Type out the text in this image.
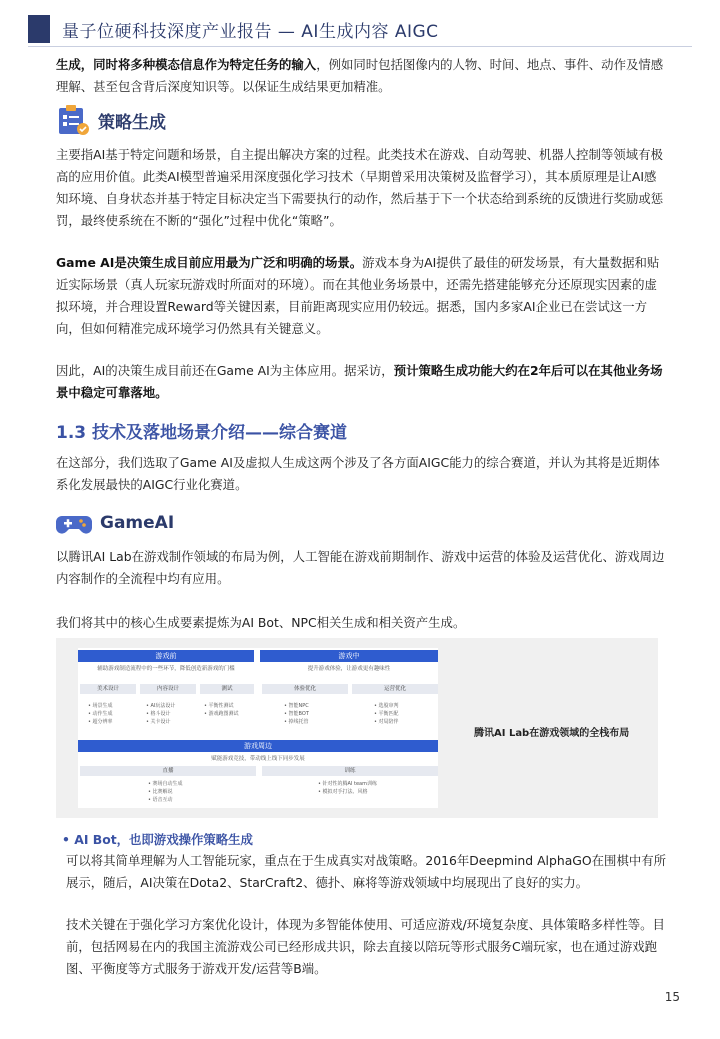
量子位硬科技深度产业报告 — AI生成内容 AIGC
生成，同时将多种模态信息作为特定任务的输入，例如同时包括图像内的人物、时间、地点、事件、动作及情感理解、甚至包含背后深度知识等。以保证生成结果更加精准。
策略生成
主要指AI基于特定问题和场景，自主提出解决方案的过程。此类技术在游戏、自动驾驶、机器人控制等领域有极高的应用价值。此类AI模型普遍采用深度强化学习技术（早期曾采用决策树及监督学习），其本质原理是让AI感知环境、自身状态并基于特定目标决定当下需要执行的动作，然后基于下一个状态给到系统的反馈进行奖励或惩罚，最终使系统在不断的“强化”过程中优化“策略”。
Game AI是决策生成目前应用最为广泛和明确的场景。游戏本身为AI提供了最佳的研发场景，有大量数据和贴近实际场景（真人玩家玩游戏时所面对的环境）。而在其他业务场景中，还需先搭建能够充分还原现实因素的虚拟环境，并合理设置Reward等关键因素，目前距离现实应用仍较远。据悉，国内多家AI企业已在尝试这一方向，但如何精准完成环境学习仍然具有关键意义。
因此，AI的决策生成目前还在Game AI为主体应用。据采访，预计策略生成功能大约在2年后可以在其他业务场景中稳定可靠落地。
1.3 技术及落地场景介绍——综合赛道
在这部分，我们选取了Game AI及虚拟人生成这两个涉及了各方面AIGC能力的综合赛道，并认为其将是近期体系化发展最快的AIGC行业化赛道。
GameAI
以腾讯AI Lab在游戏制作领域的布局为例，人工智能在游戏前期制作、游戏中运营的体验及运营优化、游戏周边内容制作的全流程中均有应用。
我们将其中的核心生成要素提炼为AI Bot、NPC相关生成和相关资产生成。
游戏前	游戏中
辅助游戏制造流程中的一些环节，降低创造新游戏的门槛	提升游戏体验，让游戏更有趣味性
美术设计	内容设计	测试	体验优化	运营优化
• 场景生成
• 动作生成
• 超分辨率
• AI玩法设计
• 格斗设计
• 关卡设计
• 平衡性测试
• 游戏跑图测试
• 智能NPC
• 智能BOT
• 掉线托管
• 选股审判
• 平衡匹配
• 对局陪伴
游戏周边
赋能游戏竞技，带动线上线下同步发展
直播	训练
• 赛场自动生成
• 比赛解说
• 语音互动
• 针对性的腾AI team训练
• 模拟对手打法、风格
腾讯AI Lab在游戏领域的全栈布局
• AI Bot，也即游戏操作策略生成
可以将其简单理解为人工智能玩家，重点在于生成真实对战策略。2016年Deepmind AlphaGO在围棋中有所展示，随后，AI决策在Dota2、StarCraft2、德扑、麻将等游戏领域中均展现出了良好的实力。
技术关键在于强化学习方案优化设计，体现为多智能体使用、可适应游戏/环境复杂度、具体策略多样性等。目前，包括网易在内的我国主流游戏公司已经形成共识，除去直接以陪玩等形式服务C端玩家，也在通过游戏跑图、平衡度等方式服务于游戏开发/运营等B端。
15
